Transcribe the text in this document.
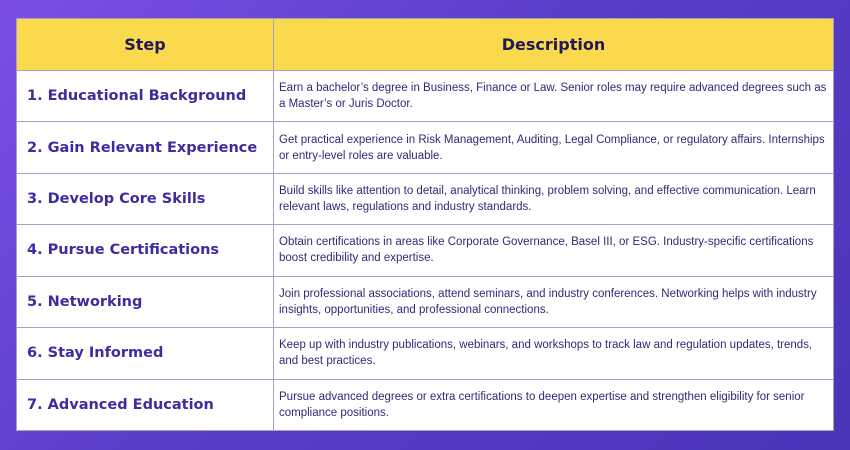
Step	Description
1. Educational Background	Earn a bachelor’s degree in Business, Finance or Law. Senior roles may require advanced degrees such as a Master’s or Juris Doctor.
2. Gain Relevant Experience	Get practical experience in Risk Management, Auditing, Legal Compliance, or regulatory affairs. Internships or entry-level roles are valuable.
3. Develop Core Skills	Build skills like attention to detail, analytical thinking, problem solving, and effective communication. Learn relevant laws, regulations and industry standards.
4. Pursue Certifications	Obtain certifications in areas like Corporate Governance, Basel III, or ESG. Industry-specific certifications boost credibility and expertise.
5. Networking	Join professional associations, attend seminars, and industry conferences. Networking helps with industry insights, opportunities, and professional connections.
6. Stay Informed	Keep up with industry publications, webinars, and workshops to track law and regulation updates, trends, and best practices.
7. Advanced Education	Pursue advanced degrees or extra certifications to deepen expertise and strengthen eligibility for senior compliance positions.
